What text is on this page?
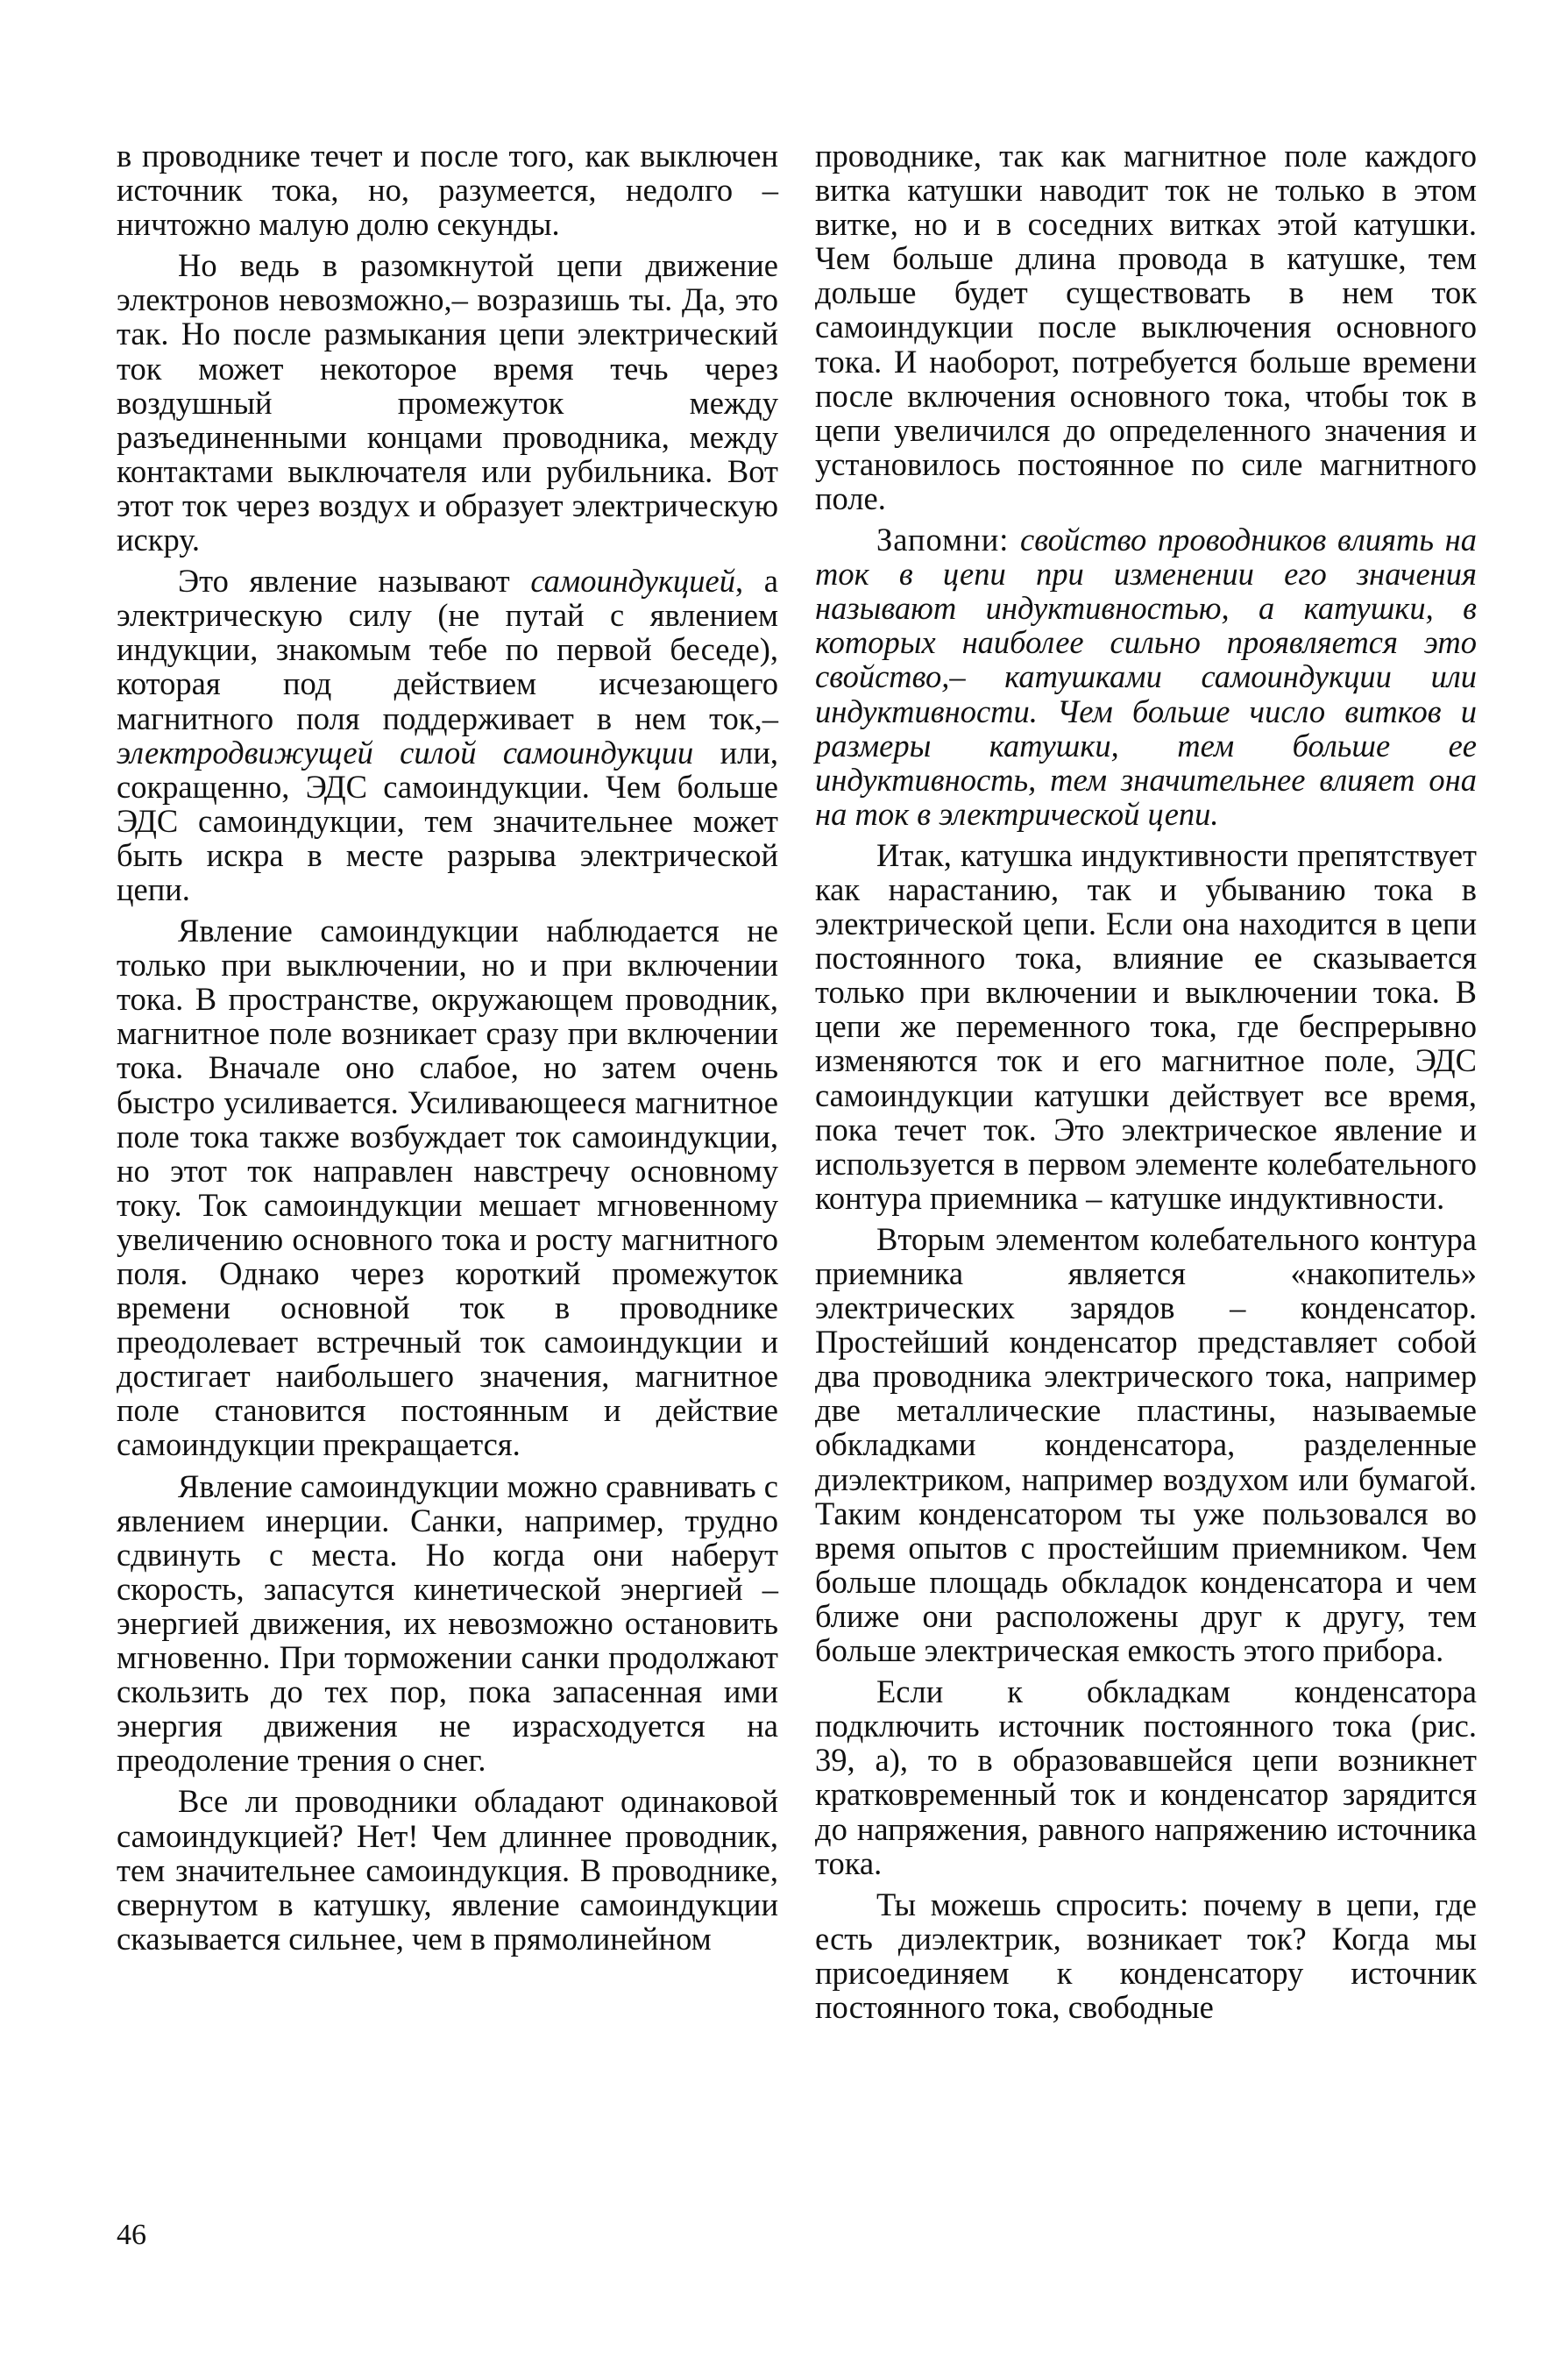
в проводнике течет и после того, как выключен источник тока, но, разумеется, недолго – ничтожно малую долю секунды.

Но ведь в разомкнутой цепи движение электронов невозможно,– возразишь ты. Да, это так. Но после размыкания цепи электрический ток может некоторое время течь через воздушный промежуток между разъединенными концами проводника, между контактами выключателя или рубильника. Вот этот ток через воздух и образует электрическую искру.

Это явление называют самоиндукцией, а электрическую силу (не путай с явлением индукции, знакомым тебе по первой беседе), которая под действием исчезающего магнитного поля поддерживает в нем ток,– электродвижущей силой самоиндукции или, сокращенно, ЭДС самоиндукции. Чем больше ЭДС самоиндукции, тем значительнее может быть искра в месте разрыва электрической цепи.

Явление самоиндукции наблюдается не только при выключении, но и при включении тока. В пространстве, окружающем проводник, магнитное поле возникает сразу при включении тока. Вначале оно слабое, но затем очень быстро усиливается. Усиливающееся магнитное поле тока также возбуждает ток самоиндукции, но этот ток направлен навстречу основному току. Ток самоиндукции мешает мгновенному увеличению основного тока и росту магнитного поля. Однако через короткий промежуток времени основной ток в проводнике преодолевает встречный ток самоиндукции и достигает наибольшего значения, магнитное поле становится постоянным и действие самоиндукции прекращается.

Явление самоиндукции можно сравнивать с явлением инерции. Санки, например, трудно сдвинуть с места. Но когда они наберут скорость, запасутся кинетической энергией – энергией движения, их невозможно остановить мгновенно. При торможении санки продолжают скользить до тех пор, пока запасенная ими энергия движения не израсходуется на преодоление трения о снег.

Все ли проводники обладают одинаковой самоиндукцией? Нет! Чем длиннее проводник, тем значительнее самоиндукция. В проводнике, свернутом в катушку, явление самоиндукции сказывается сильнее, чем в прямолинейном

проводнике, так как магнитное поле каждого витка катушки наводит ток не только в этом витке, но и в соседних витках этой катушки. Чем больше длина провода в катушке, тем дольше будет существовать в нем ток самоиндукции после выключения основного тока. И наоборот, потребуется больше времени после включения основного тока, чтобы ток в цепи увеличился до определенного значения и установилось постоянное по силе магнитного поле.

Запомни: свойство проводников влиять на ток в цепи при изменении его значения называют индуктивностью, а катушки, в которых наиболее сильно проявляется это свойство,– катушками самоиндукции или индуктивности. Чем больше число витков и размеры катушки, тем больше ее индуктивность, тем значительнее влияет она на ток в электрической цепи.

Итак, катушка индуктивности препятствует как нарастанию, так и убыванию тока в электрической цепи. Если она находится в цепи постоянного тока, влияние ее сказывается только при включении и выключении тока. В цепи же переменного тока, где беспрерывно изменяются ток и его магнитное поле, ЭДС самоиндукции катушки действует все время, пока течет ток. Это электрическое явление и используется в первом элементе колебательного контура приемника – катушке индуктивности.

Вторым элементом колебательного контура приемника является «накопитель» электрических зарядов – конденсатор. Простейший конденсатор представляет собой два проводника электрического тока, например две металлические пластины, называемые обкладками конденсатора, разделенные диэлектриком, например воздухом или бумагой. Таким конденсатором ты уже пользовался во время опытов с простейшим приемником. Чем больше площадь обкладок конденсатора и чем ближе они расположены друг к другу, тем больше электрическая емкость этого прибора.

Если к обкладкам конденсатора подключить источник постоянного тока (рис. 39, а), то в образовавшейся цепи возникнет кратковременный ток и конденсатор зарядится до напряжения, равного напряжению источника тока.

Ты можешь спросить: почему в цепи, где есть диэлектрик, возникает ток? Когда мы присоединяем к конденсатору источник постоянного тока, свободные

46
